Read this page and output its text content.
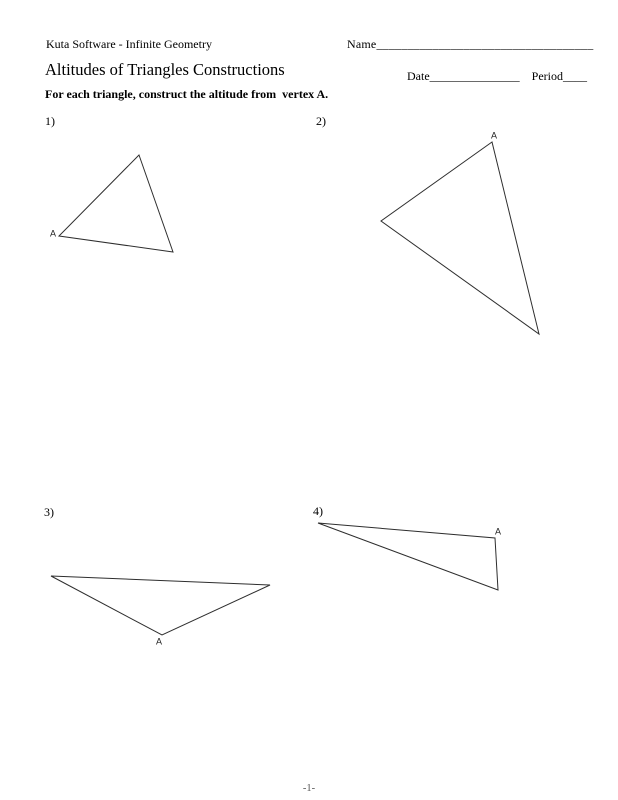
Kuta Software - Infinite Geometry	Name___________________________________
Altitudes of Triangles Constructions	Date_______________ Period____
For each triangle, construct the altitude from  vertex A.
1)	2)
3)	4)
A
A
A
A
-1-
